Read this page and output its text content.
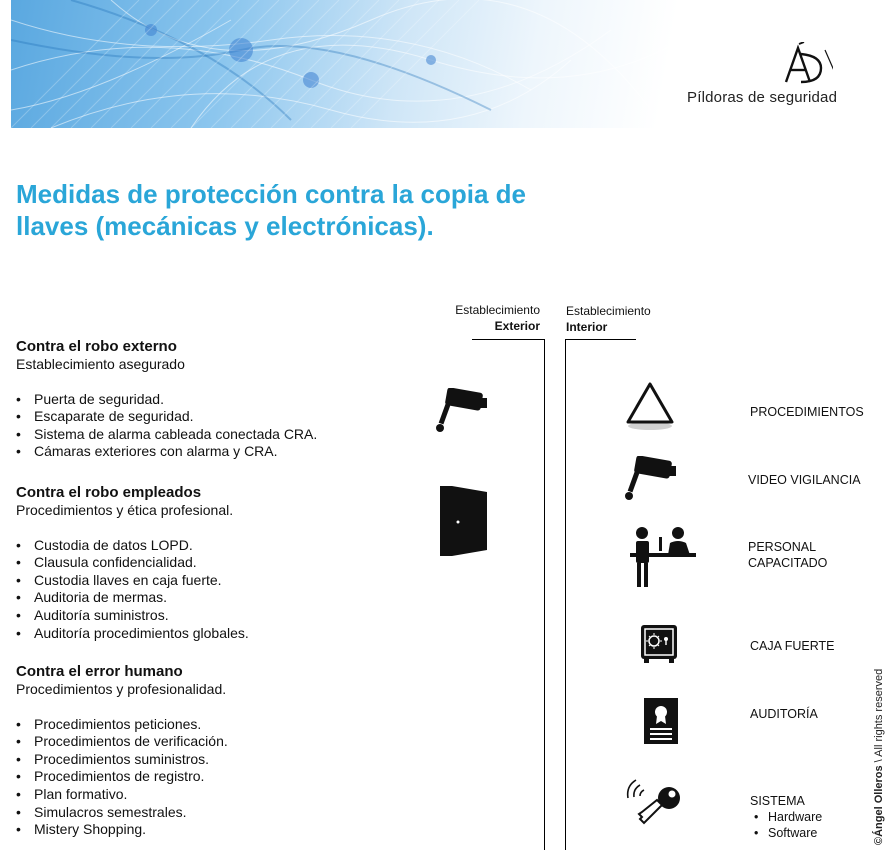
Píldoras de seguridad
Medidas de protección contra la copia de llaves (mecánicas y electrónicas).
Establecimiento
Exterior
Establecimiento
Interior
Contra el robo externo
Establecimiento asegurado
• Puerta de seguridad.
• Escaparate de seguridad.
• Sistema de alarma cableada conectada CRA.
• Cámaras exteriores con alarma y CRA.
Contra el robo empleados
Procedimientos y ética profesional.
• Custodia de datos LOPD.
• Clausula confidencialidad.
• Custodia llaves en caja fuerte.
• Auditoria de mermas.
• Auditoría suministros.
• Auditoría procedimientos globales.
Contra el error humano
Procedimientos y profesionalidad.
• Procedimientos peticiones.
• Procedimientos de verificación.
• Procedimientos suministros.
• Procedimientos de registro.
• Plan formativo.
• Simulacros semestrales.
• Mistery Shopping.
PROCEDIMIENTOS
VIDEO VIGILANCIA
PERSONAL
CAPACITADO
CAJA FUERTE
AUDITORÍA
SISTEMA
• Hardware
• Software	©Ángel Olleros \ All rights reserved
